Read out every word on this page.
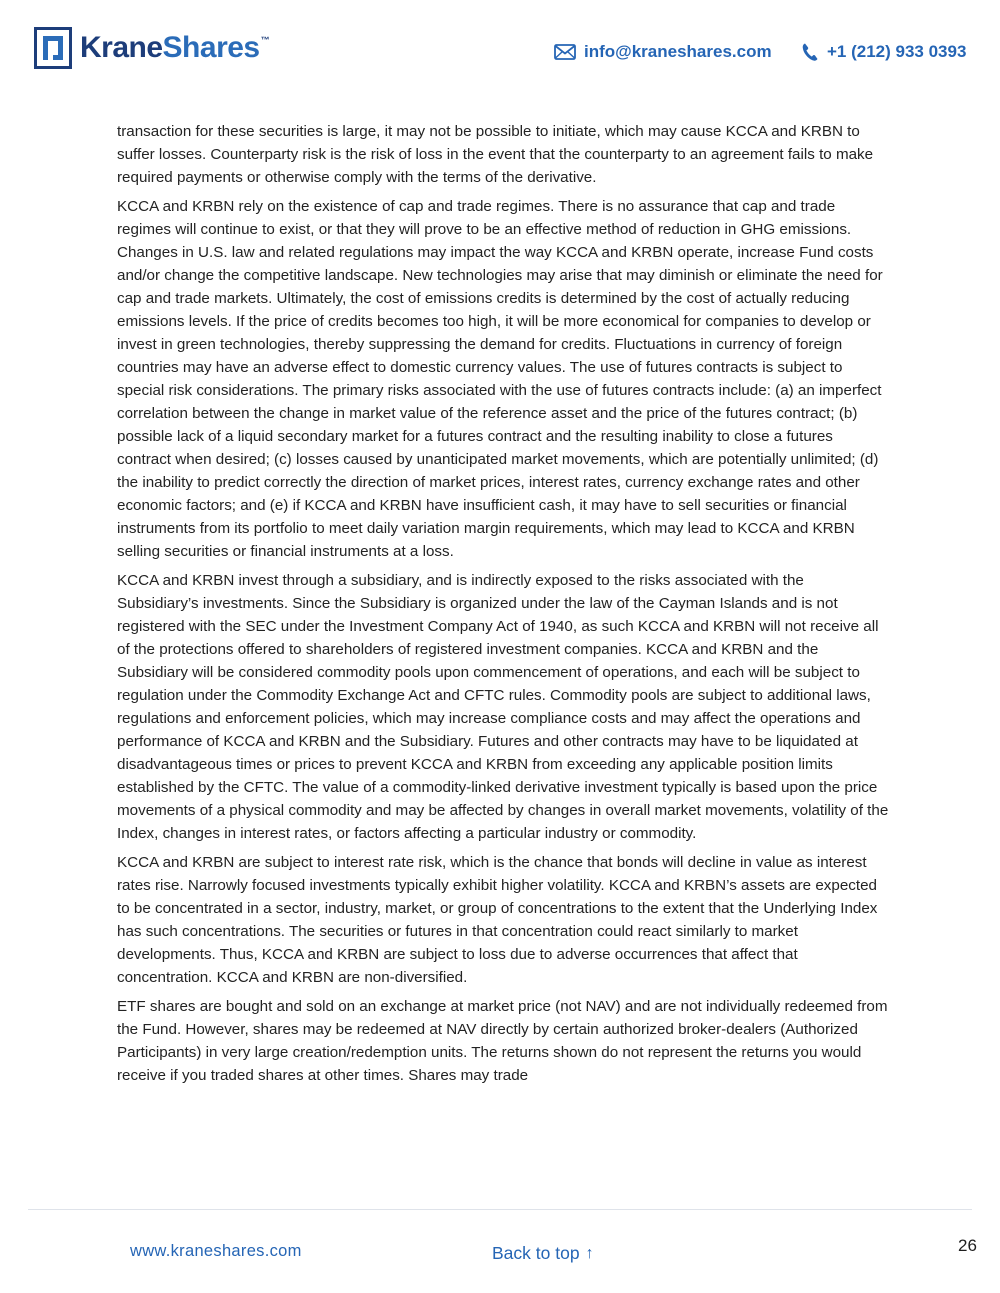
KraneShares™
info@kraneshares.com	+1 (212) 933 0393

transaction for these securities is large, it may not be possible to initiate, which may cause KCCA and KRBN to suffer losses. Counterparty risk is the risk of loss in the event that the counterparty to an agreement fails to make required payments or otherwise comply with the terms of the derivative.

KCCA and KRBN rely on the existence of cap and trade regimes. There is no assurance that cap and trade regimes will continue to exist, or that they will prove to be an effective method of reduction in GHG emissions. Changes in U.S. law and related regulations may impact the way KCCA and KRBN operate, increase Fund costs and/or change the competitive landscape. New technologies may arise that may diminish or eliminate the need for cap and trade markets. Ultimately, the cost of emissions credits is determined by the cost of actually reducing emissions levels. If the price of credits becomes too high, it will be more economical for companies to develop or invest in green technologies, thereby suppressing the demand for credits. Fluctuations in currency of foreign countries may have an adverse effect to domestic currency values. The use of futures contracts is subject to special risk considerations. The primary risks associated with the use of futures contracts include: (a) an imperfect correlation between the change in market value of the reference asset and the price of the futures contract; (b) possible lack of a liquid secondary market for a futures contract and the resulting inability to close a futures contract when desired; (c) losses caused by unanticipated market movements, which are potentially unlimited; (d) the inability to predict correctly the direction of market prices, interest rates, currency exchange rates and other economic factors; and (e) if KCCA and KRBN have insufficient cash, it may have to sell securities or financial instruments from its portfolio to meet daily variation margin requirements, which may lead to KCCA and KRBN selling securities or financial instruments at a loss.

KCCA and KRBN invest through a subsidiary, and is indirectly exposed to the risks associated with the Subsidiary’s investments. Since the Subsidiary is organized under the law of the Cayman Islands and is not registered with the SEC under the Investment Company Act of 1940, as such KCCA and KRBN will not receive all of the protections offered to shareholders of registered investment companies. KCCA and KRBN and the Subsidiary will be considered commodity pools upon commencement of operations, and each will be subject to regulation under the Commodity Exchange Act and CFTC rules. Commodity pools are subject to additional laws, regulations and enforcement policies, which may increase compliance costs and may affect the operations and performance of KCCA and KRBN and the Subsidiary. Futures and other contracts may have to be liquidated at disadvantageous times or prices to prevent KCCA and KRBN from exceeding any applicable position limits established by the CFTC. The value of a commodity-linked derivative investment typically is based upon the price movements of a physical commodity and may be affected by changes in overall market movements, volatility of the Index, changes in interest rates, or factors affecting a particular industry or commodity.

KCCA and KRBN are subject to interest rate risk, which is the chance that bonds will decline in value as interest rates rise. Narrowly focused investments typically exhibit higher volatility. KCCA and KRBN’s assets are expected to be concentrated in a sector, industry, market, or group of concentrations to the extent that the Underlying Index has such concentrations. The securities or futures in that concentration could react similarly to market developments. Thus, KCCA and KRBN are subject to loss due to adverse occurrences that affect that concentration. KCCA and KRBN are non-diversified.

ETF shares are bought and sold on an exchange at market price (not NAV) and are not individually redeemed from the Fund. However, shares may be redeemed at NAV directly by certain authorized broker-dealers (Authorized Participants) in very large creation/redemption units. The returns shown do not represent the returns you would receive if you traded shares at other times. Shares may trade

www.kraneshares.com	Back to top ↑	26
